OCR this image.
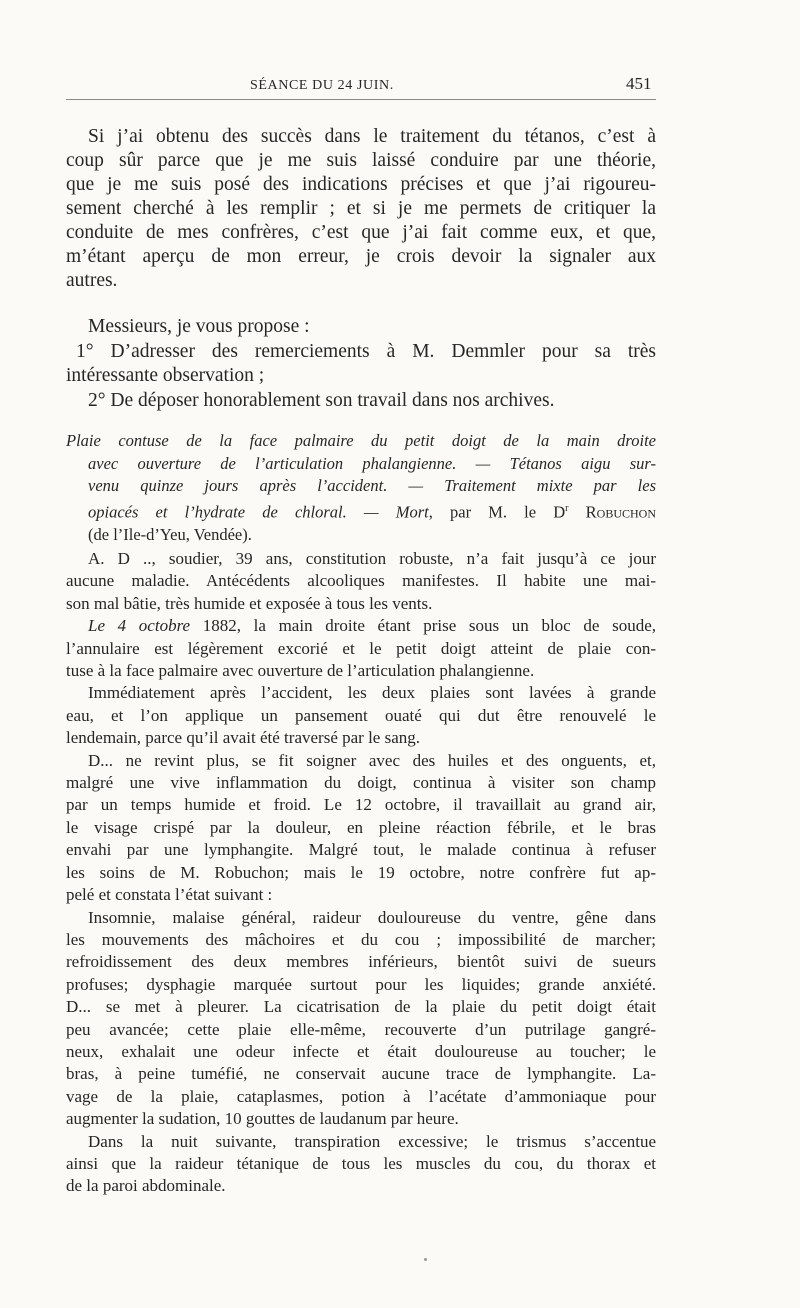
SÉANCE DU 24 JUIN.	451
Si j’ai obtenu des succès dans le traitement du tétanos, c’est à
coup sûr parce que je me suis laissé conduire par une théorie,
que je me suis posé des indications précises et que j’ai rigoureu-
sement cherché à les remplir ; et si je me permets de critiquer la
conduite de mes confrères, c’est que j’ai fait comme eux, et que,
m’étant aperçu de mon erreur, je crois devoir la signaler aux
autres.
Messieurs, je vous propose :
1° D’adresser des remerciements à M. Demmler pour sa très
intéressante observation ;
2° De déposer honorablement son travail dans nos archives.
Plaie contuse de la face palmaire du petit doigt de la main droite
avec ouverture de l’articulation phalangienne. — Tétanos aigu sur-
venu quinze jours après l’accident. — Traitement mixte par les
opiacés et l’hydrate de chloral. — Mort, par M. le $D^r$ Robuchon
(de l’Ile-d’Yeu, Vendée).
A. D .., soudier, 39 ans, constitution robuste, n’a fait jusqu’à ce jour
aucune maladie. Antécédents alcooliques manifestes. Il habite une mai-
son mal bâtie, très humide et exposée à tous les vents.
Le 4 octobre 1882, la main droite étant prise sous un bloc de soude,
l’annulaire est légèrement excorié et le petit doigt atteint de plaie con-
tuse à la face palmaire avec ouverture de l’articulation phalangienne.
Immédiatement après l’accident, les deux plaies sont lavées à grande
eau, et l’on applique un pansement ouaté qui dut être renouvelé le
lendemain, parce qu’il avait été traversé par le sang.
D... ne revint plus, se fit soigner avec des huiles et des onguents, et,
malgré une vive inflammation du doigt, continua à visiter son champ
par un temps humide et froid. Le 12 octobre, il travaillait au grand air,
le visage crispé par la douleur, en pleine réaction fébrile, et le bras
envahi par une lymphangite. Malgré tout, le malade continua à refuser
les soins de M. Robuchon; mais le 19 octobre, notre confrère fut ap-
pelé et constata l’état suivant :
Insomnie, malaise général, raideur douloureuse du ventre, gêne dans
les mouvements des mâchoires et du cou ; impossibilité de marcher;
refroidissement des deux membres inférieurs, bientôt suivi de sueurs
profuses; dysphagie marquée surtout pour les liquides; grande anxiété.
D... se met à pleurer. La cicatrisation de la plaie du petit doigt était
peu avancée; cette plaie elle-même, recouverte d’un putrilage gangré-
neux, exhalait une odeur infecte et était douloureuse au toucher; le
bras, à peine tuméfié, ne conservait aucune trace de lymphangite. La-
vage de la plaie, cataplasmes, potion à l’acétate d’ammoniaque pour
augmenter la sudation, 10 gouttes de laudanum par heure.
Dans la nuit suivante, transpiration excessive; le trismus s’accentue
ainsi que la raideur tétanique de tous les muscles du cou, du thorax et
de la paroi abdominale.
